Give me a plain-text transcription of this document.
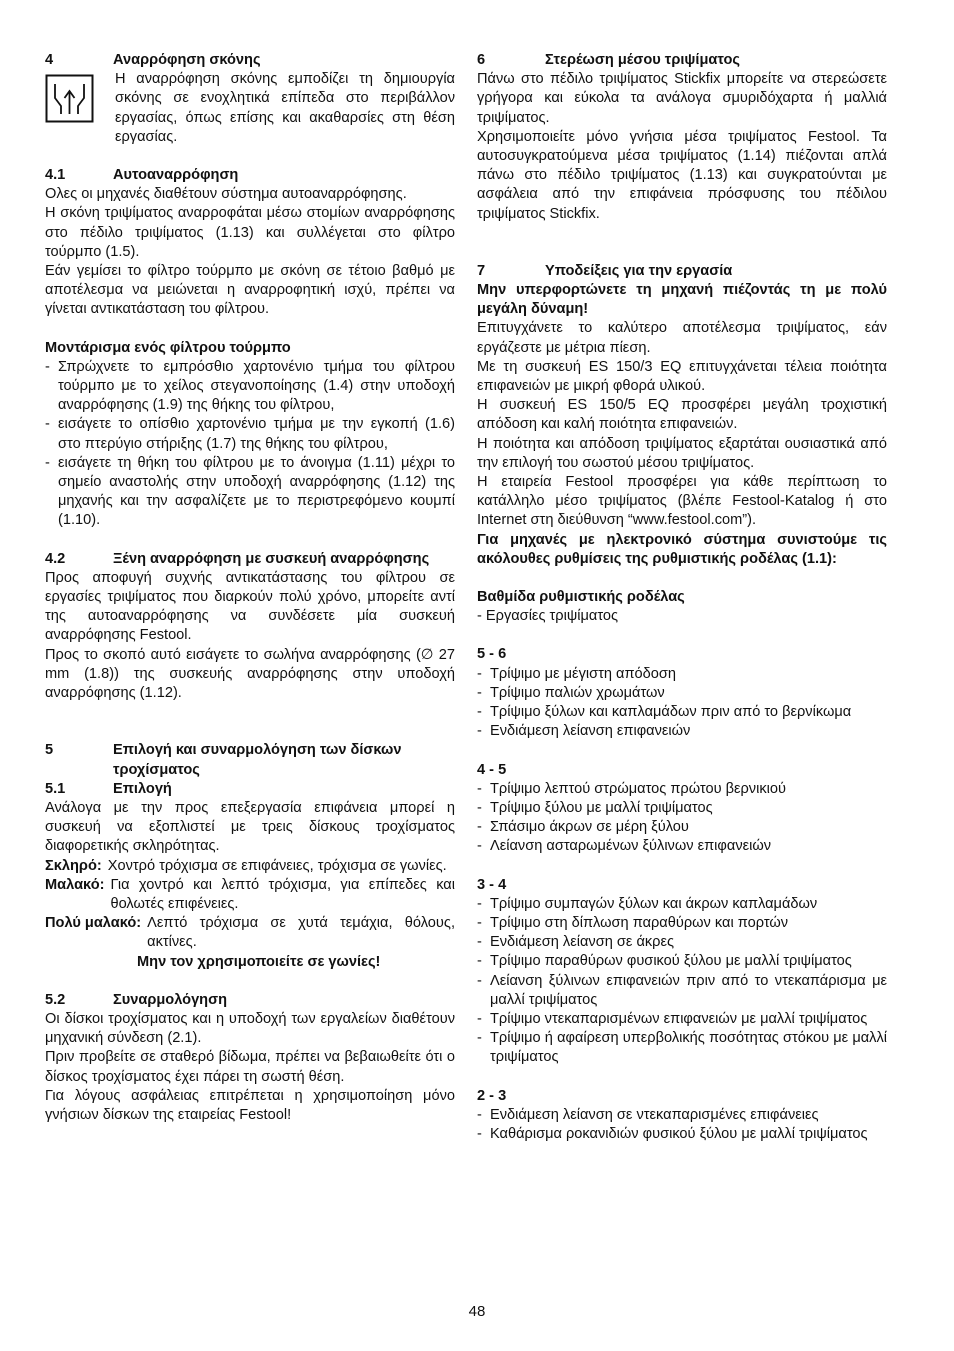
4	Αναρρόφηση σκόνης

Η αναρρόφηση σκόνης εμποδίζει τη δημιουργία σκόνης σε ενοχλητικά επίπεδα στο περιβάλλον εργασίας, όπως επίσης και ακαθαρσίες στη θέση εργασίας.

4.1	Αυτοαναρρόφηση

Ολες οι μηχανές διαθέτουν σύστημα αυτοαναρρόφησης.

Η σκόνη τριψίματος αναρροφάται μέσω στομίων αναρρόφησης στο πέδιλο τριψίματος (1.13) και συλλέγεται στο φίλτρο τούρμπο (1.5).

Εάν γεμίσει το φίλτρο τούρμπο με σκόνη σε τέτοιο βαθμό με αποτέλεσμα να μειώνεται η αναρροφητική ισχύ, πρέπει να γίνεται αντικατάσταση του φίλτρου.

Μοντάρισμα ενός φίλτρου τούρμπο
- Σπρώχνετε το εμπρόσθιο χαρτονένιο τμήμα του φίλτρου τούρμπο με το χείλος στεγανοποίησης (1.4) στην υποδοχή αναρρόφησης (1.9) της θήκης του φίλτρου,
- εισάγετε το οπίσθιο χαρτονένιο τμήμα με την εγκοπή (1.6) στο πτερύγιο στήριξης (1.7) της θήκης του φίλτρου,
- εισάγετε τη θήκη του φίλτρου με το άνοιγμα (1.11) μέχρι το σημείο αναστολής στην υποδοχή αναρρόφησης (1.12) της μηχανής και την ασφαλίζετε με το περιστρεφόμενο κουμπί (1.10).
4.2	Ξένη αναρρόφηση με συσκευή αναρρόφησης

Προς αποφυγή συχνής αντικατάστασης του φίλτρου σε εργασίες τριψίματος που διαρκούν πολύ χρόνο, μπορείτε αντί της αυτοαναρρόφησης να συνδέσετε μία συσκευή αναρρόφησης Festool.

Προς το σκοπό αυτό εισάγετε το σωλήνα αναρρόφησης (∅ 27 mm (1.8)) της συσκευής αναρρόφησης στην υποδοχή αναρρόφησης (1.12).

5	Επιλογή και συναρμολόγηση των δίσκων τροχίσματος
5.1	Επιλογή

Ανάλογα με την προς επεξεργασία επιφάνεια μπορεί η συσκευή να εξοπλιστεί με τρεις δίσκους τροχίσματος διαφορετικής σκληρότητας.

Σκληρό: Χοντρό τρόχισμα σε επιφάνειες, τρόχισμα σε γωνίες.
Μαλακό: Για χοντρό και λεπτό τρόχισμα, για επίπεδες και θολωτές επιφένειες.
Πολύ μαλακό: Λεπτό τρόχισμα σε χυτά τεμάχια, θόλους, ακτίνες.
Μην τον χρησιμοποιείτε σε γωνίες!
5.2	Συναρμολόγηση

Οι δίσκοι τροχίσματος και η υποδοχή των εργαλείων διαθέτουν μηχανική σύνδεση (2.1).

Πριν προβείτε σε σταθερό βίδωμα, πρέπει να βεβαιωθείτε ότι ο δίσκος τροχίσματος έχει πάρει τη σωστή θέση.

Για λόγους ασφάλειας επιτρέπεται η χρησιμοποίηση μόνο γνήσιων δίσκων της εταιρείας Festool!

6	Στερέωση μέσου τριψίματος

Πάνω στο πέδιλο τριψίματος Stickfix μπορείτε να στερεώσετε γρήγορα και εύκολα τα ανάλογα σμυριδόχαρτα ή μαλλιά τριψίματος.

Χρησιμοποιείτε μόνο γνήσια μέσα τριψίματος Festool. Τα αυτοσυγκρατούμενα μέσα τριψίματος (1.14) πιέζονται απλά πάνω στο πέδιλο τριψίματος (1.13) και συγκρατούνται με ασφάλεια από την επιφάνεια πρόσφυσης του πέδιλου τριψίματος Stickfix.

7	Υποδείξεις για την εργασία

Μην υπερφορτώνετε τη μηχανή πιέζοντάς τη με πολύ μεγάλη δύναμη!

Επιτυγχάνετε το καλύτερο αποτέλεσμα τριψίματος, εάν εργάζεστε με μέτρια πίεση.

Με τη συσκευή ES 150/3 EQ επιτυγχάνεται τέλεια ποιότητα επιφανειών με μικρή φθορά υλικού.

Η συσκευή ES 150/5 EQ προσφέρει μεγάλη τροχιστική απόδοση και καλή ποιότητα επιφανειών.

Η ποιότητα και απόδοση τριψίματος εξαρτάται ουσιαστικά από την επιλογή του σωστού μέσου τριψίματος.

Η εταιρεία Festool προσφέρει για κάθε περίπτωση το κατάλληλο μέσο τριψίματος (βλέπε Festool-Katalog ή στο Internet στη διεύθυνση “www.festool.com”).

Για μηχανές με ηλεκτρονικό σύστημα συνιστούμε τις ακόλουθες ρυθμίσεις της ρυθμιστικής ροδέλας (1.1):

Βαθμίδα ρυθμιστικής ροδέλας
- Εργασίες τριψίματος
5 - 6
- Τρίψιμο με μέγιστη απόδοση
- Τρίψιμο παλιών χρωμάτων
- Τρίψιμο ξύλων και καπλαμάδων πριν από το βερνίκωμα
- Ενδιάμεση λείανση επιφανειών
4 - 5
- Τρίψιμο λεπτού στρώματος πρώτου βερνικιού
- Τρίψιμο ξύλου με μαλλί τριψίματος
- Σπάσιμο άκρων σε μέρη ξύλου
- Λείανση ασταρωμένων ξύλινων επιφανειών
3 - 4
- Τρίψιμο συμπαγών ξύλων και άκρων καπλαμάδων
- Τρίψιμο στη δίπλωση παραθύρων και πορτών
- Ενδιάμεση λείανση σε άκρες
- Τρίψιμο παραθύρων φυσικού ξύλου με μαλλί τριψίματος
- Λείανση ξύλινων επιφανειών πριν από το ντεκαπάρισμα με μαλλί τριψίματος
- Τρίψιμο ντεκαπαρισμένων επιφανειών με μαλλί τριψίματος
- Τρίψιμο ή αφαίρεση υπερβολικής ποσότητας στόκου με μαλλί τριψίματος
2 - 3
- Ενδιάμεση λείανση σε ντεκαπαρισμένες επιφάνειες
- Καθάρισμα ροκανιδιών φυσικού ξύλου με μαλλί τριψίματος
48
